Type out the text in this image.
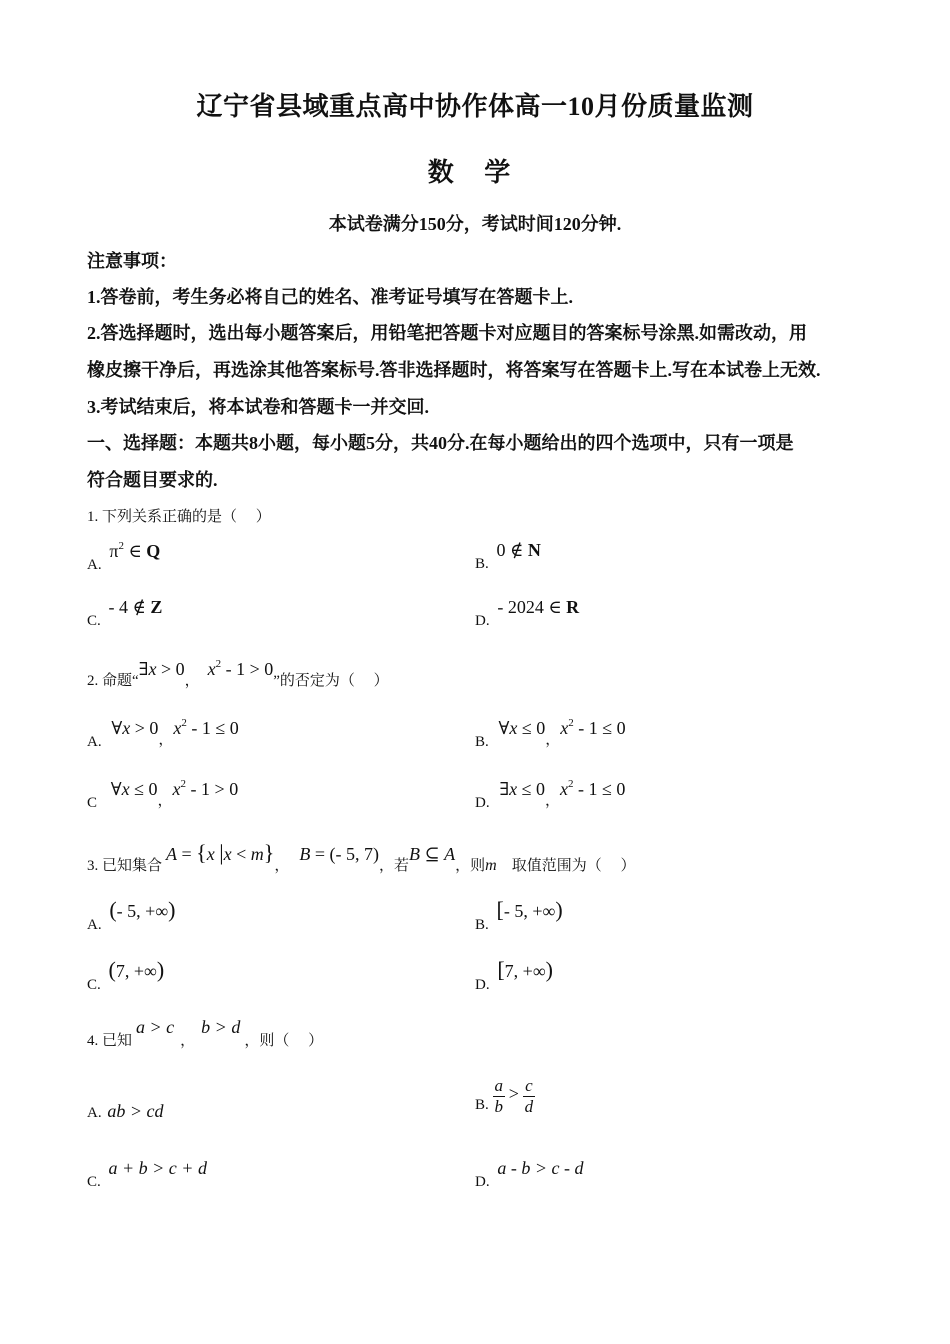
辽宁省县域重点高中协作体高一10月份质量监测
数 学
本试卷满分150分，考试时间120分钟.
注意事项：
1.答卷前，考生务必将自己的姓名、准考证号填写在答题卡上.
2.答选择题时，选出每小题答案后，用铅笔把答题卡对应题目的答案标号涂黑.如需改动，用
橡皮擦干净后，再选涂其他答案标号.答非选择题时，将答案写在答题卡上.写在本试卷上无效.
3.考试结束后，将本试卷和答题卡一并交回.
一、选择题：本题共8小题，每小题5分，共40分.在每小题给出的四个选项中，只有一项是
符合题目要求的.
1. 下列关系正确的是（　 ）
A. $\pi^2$ ∈ Q
B. 0 ∉ N
C. - 4 ∉ Z
D. - 2024 ∈ R
2. 命题“∃x > 0，$x^2 - 1 > 0$”的否定为（　 ）
A. ∀x > $0_,x^2 - 1 \le 0$
B. ∀x ≤ $0_,x^2 - 1 \le 0$
C ∀x ≤ $0_,x^2 - 1 > 0$
D. ∃x ≤ $0_,x^2 - 1 \le 0$
3. 已知集合A = {x |x < m}，B = (- 5, 7)，若B ⊆ A，则m　取值范围为（　 ）
A. (- 5, +∞)
B. [- 5, +∞)
C. (7, +∞)
D. [7, +∞)
4. 已知a > c，b > d，则（　 ）
A. ab > cd	B. $\frac{a}{b} > \frac{c}{d}$
C. a + b > c + d
D. a - b > c - d
